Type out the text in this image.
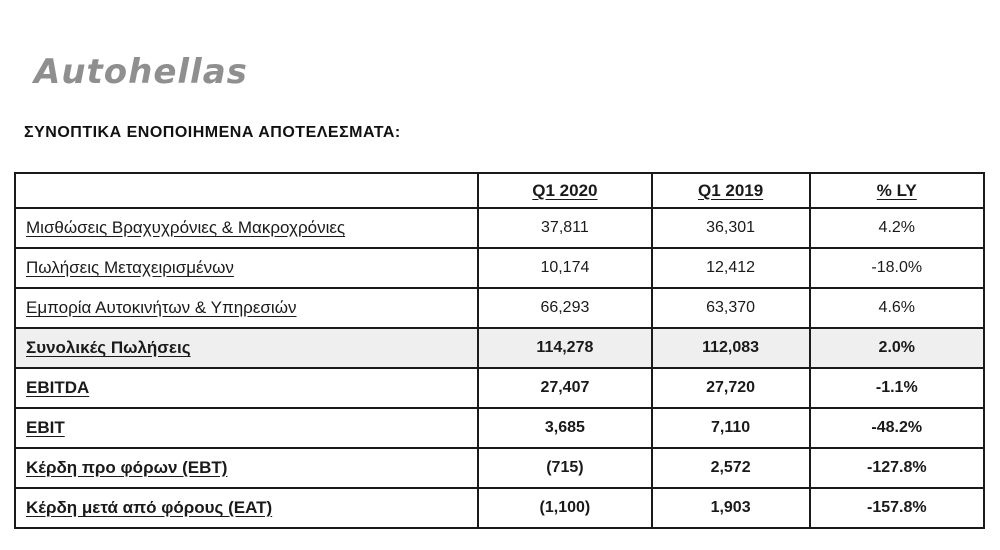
Autohellas
ΣΥΝΟΠΤΙΚΑ ΕΝΟΠΟΙΗΜΕΝΑ ΑΠΟΤΕΛΕΣΜΑΤΑ:
	Q1 2020	Q1 2019	% LY
Μισθώσεις Βραχυχρόνιες & Μακροχρόνιες	37,811	36,301	4.2%
Πωλήσεις Μεταχειρισμένων	10,174	12,412	-18.0%
Εμπορία Αυτοκινήτων & Υπηρεσιών	66,293	63,370	4.6%
Συνολικές Πωλήσεις	114,278	112,083	2.0%
EBITDA	27,407	27,720	-1.1%
EBIT	3,685	7,110	-48.2%
Κέρδη προ φόρων (EBT)	(715)	2,572	-127.8%
Κέρδη μετά από φόρους (EAT)	(1,100)	1,903	-157.8%
